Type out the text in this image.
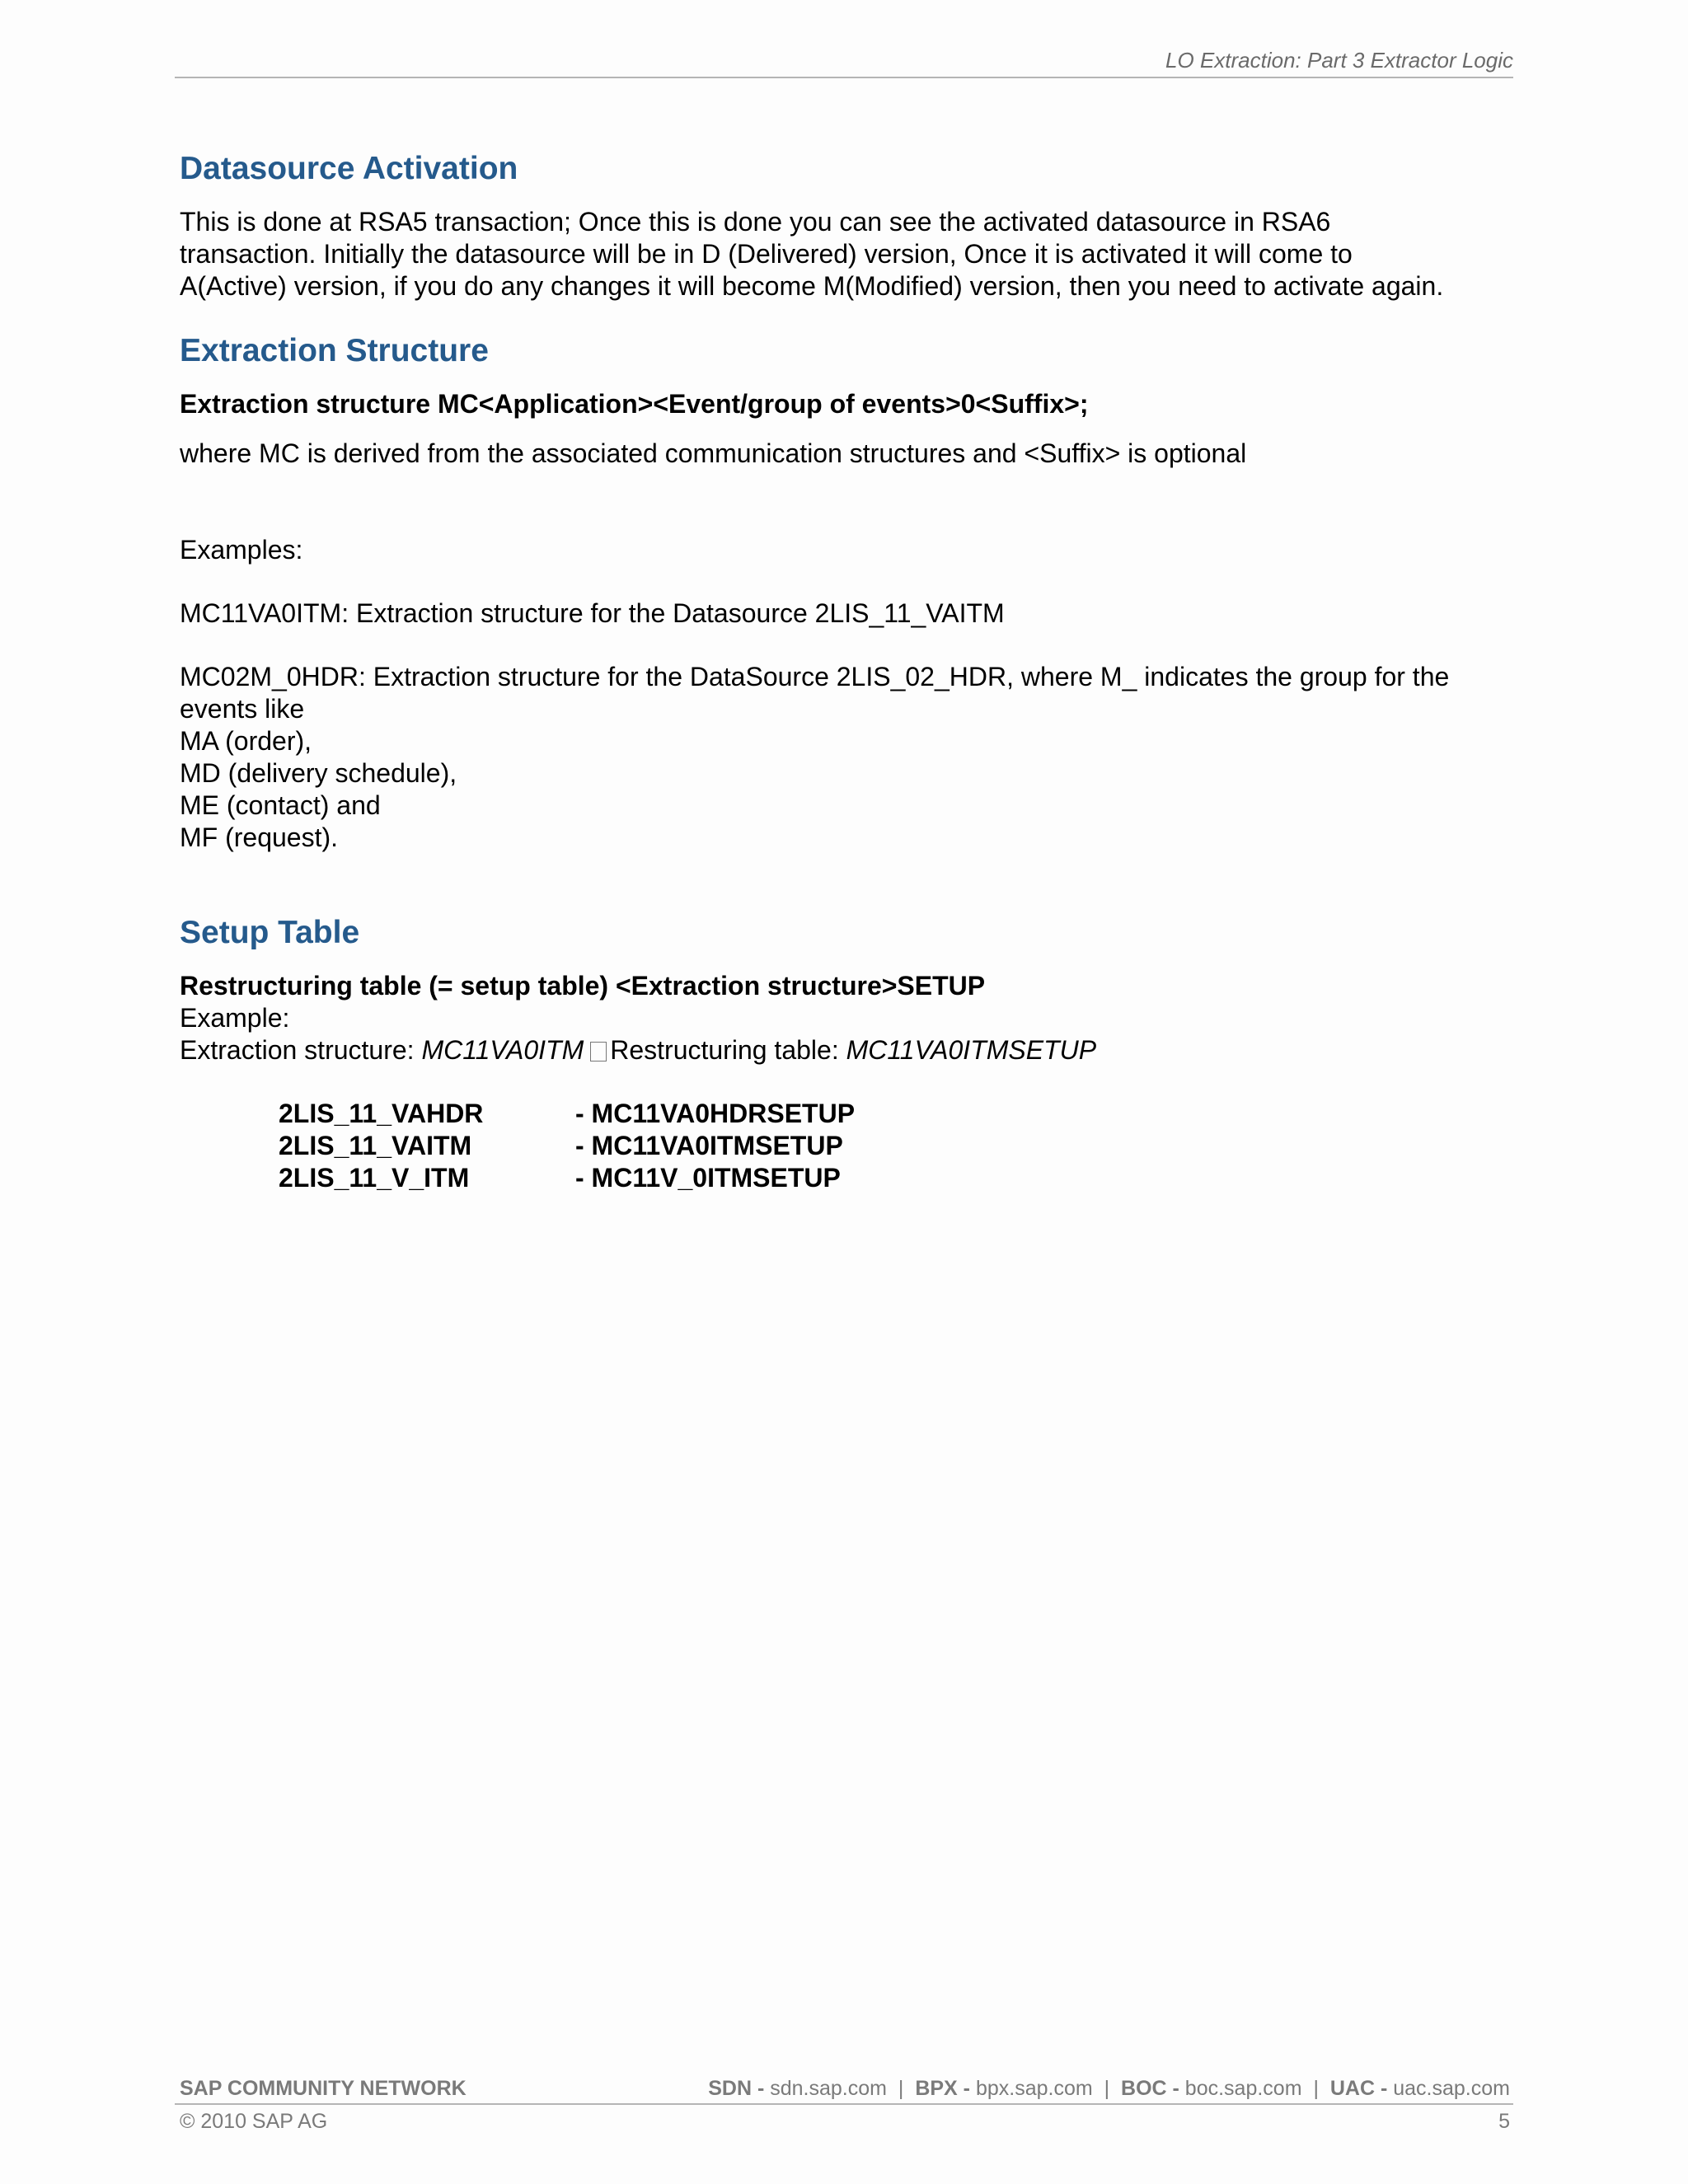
LO Extraction: Part 3 Extractor Logic
Datasource Activation
This is done at RSA5 transaction; Once this is done you can see the activated datasource in RSA6
transaction. Initially the datasource will be in D (Delivered) version, Once it is activated it will come to
A(Active) version, if you do any changes it will become M(Modified) version, then you need to activate again.
Extraction Structure
Extraction structure MC<Application><Event/group of events>0<Suffix>;
where MC is derived from the associated communication structures and <Suffix> is optional
Examples:
MC11VA0ITM: Extraction structure for the Datasource 2LIS_11_VAITM
MC02M_0HDR: Extraction structure for the DataSource 2LIS_02_HDR, where M_ indicates the group for the
events like
MA (order),
MD (delivery schedule),
ME (contact) and
MF (request).
Setup Table
Restructuring table (= setup table) <Extraction structure>SETUP
Example:
Extraction structure: MC11VA0ITM Restructuring table: MC11VA0ITMSETUP
2LIS_11_VAHDR	- MC11VA0HDRSETUP
2LIS_11_VAITM	- MC11VA0ITMSETUP
2LIS_11_V_ITM	- MC11V_0ITMSETUP
SAP COMMUNITY NETWORK	SDN - sdn.sap.com | BPX - bpx.sap.com | BOC - boc.sap.com | UAC - uac.sap.com
© 2010 SAP AG	5
